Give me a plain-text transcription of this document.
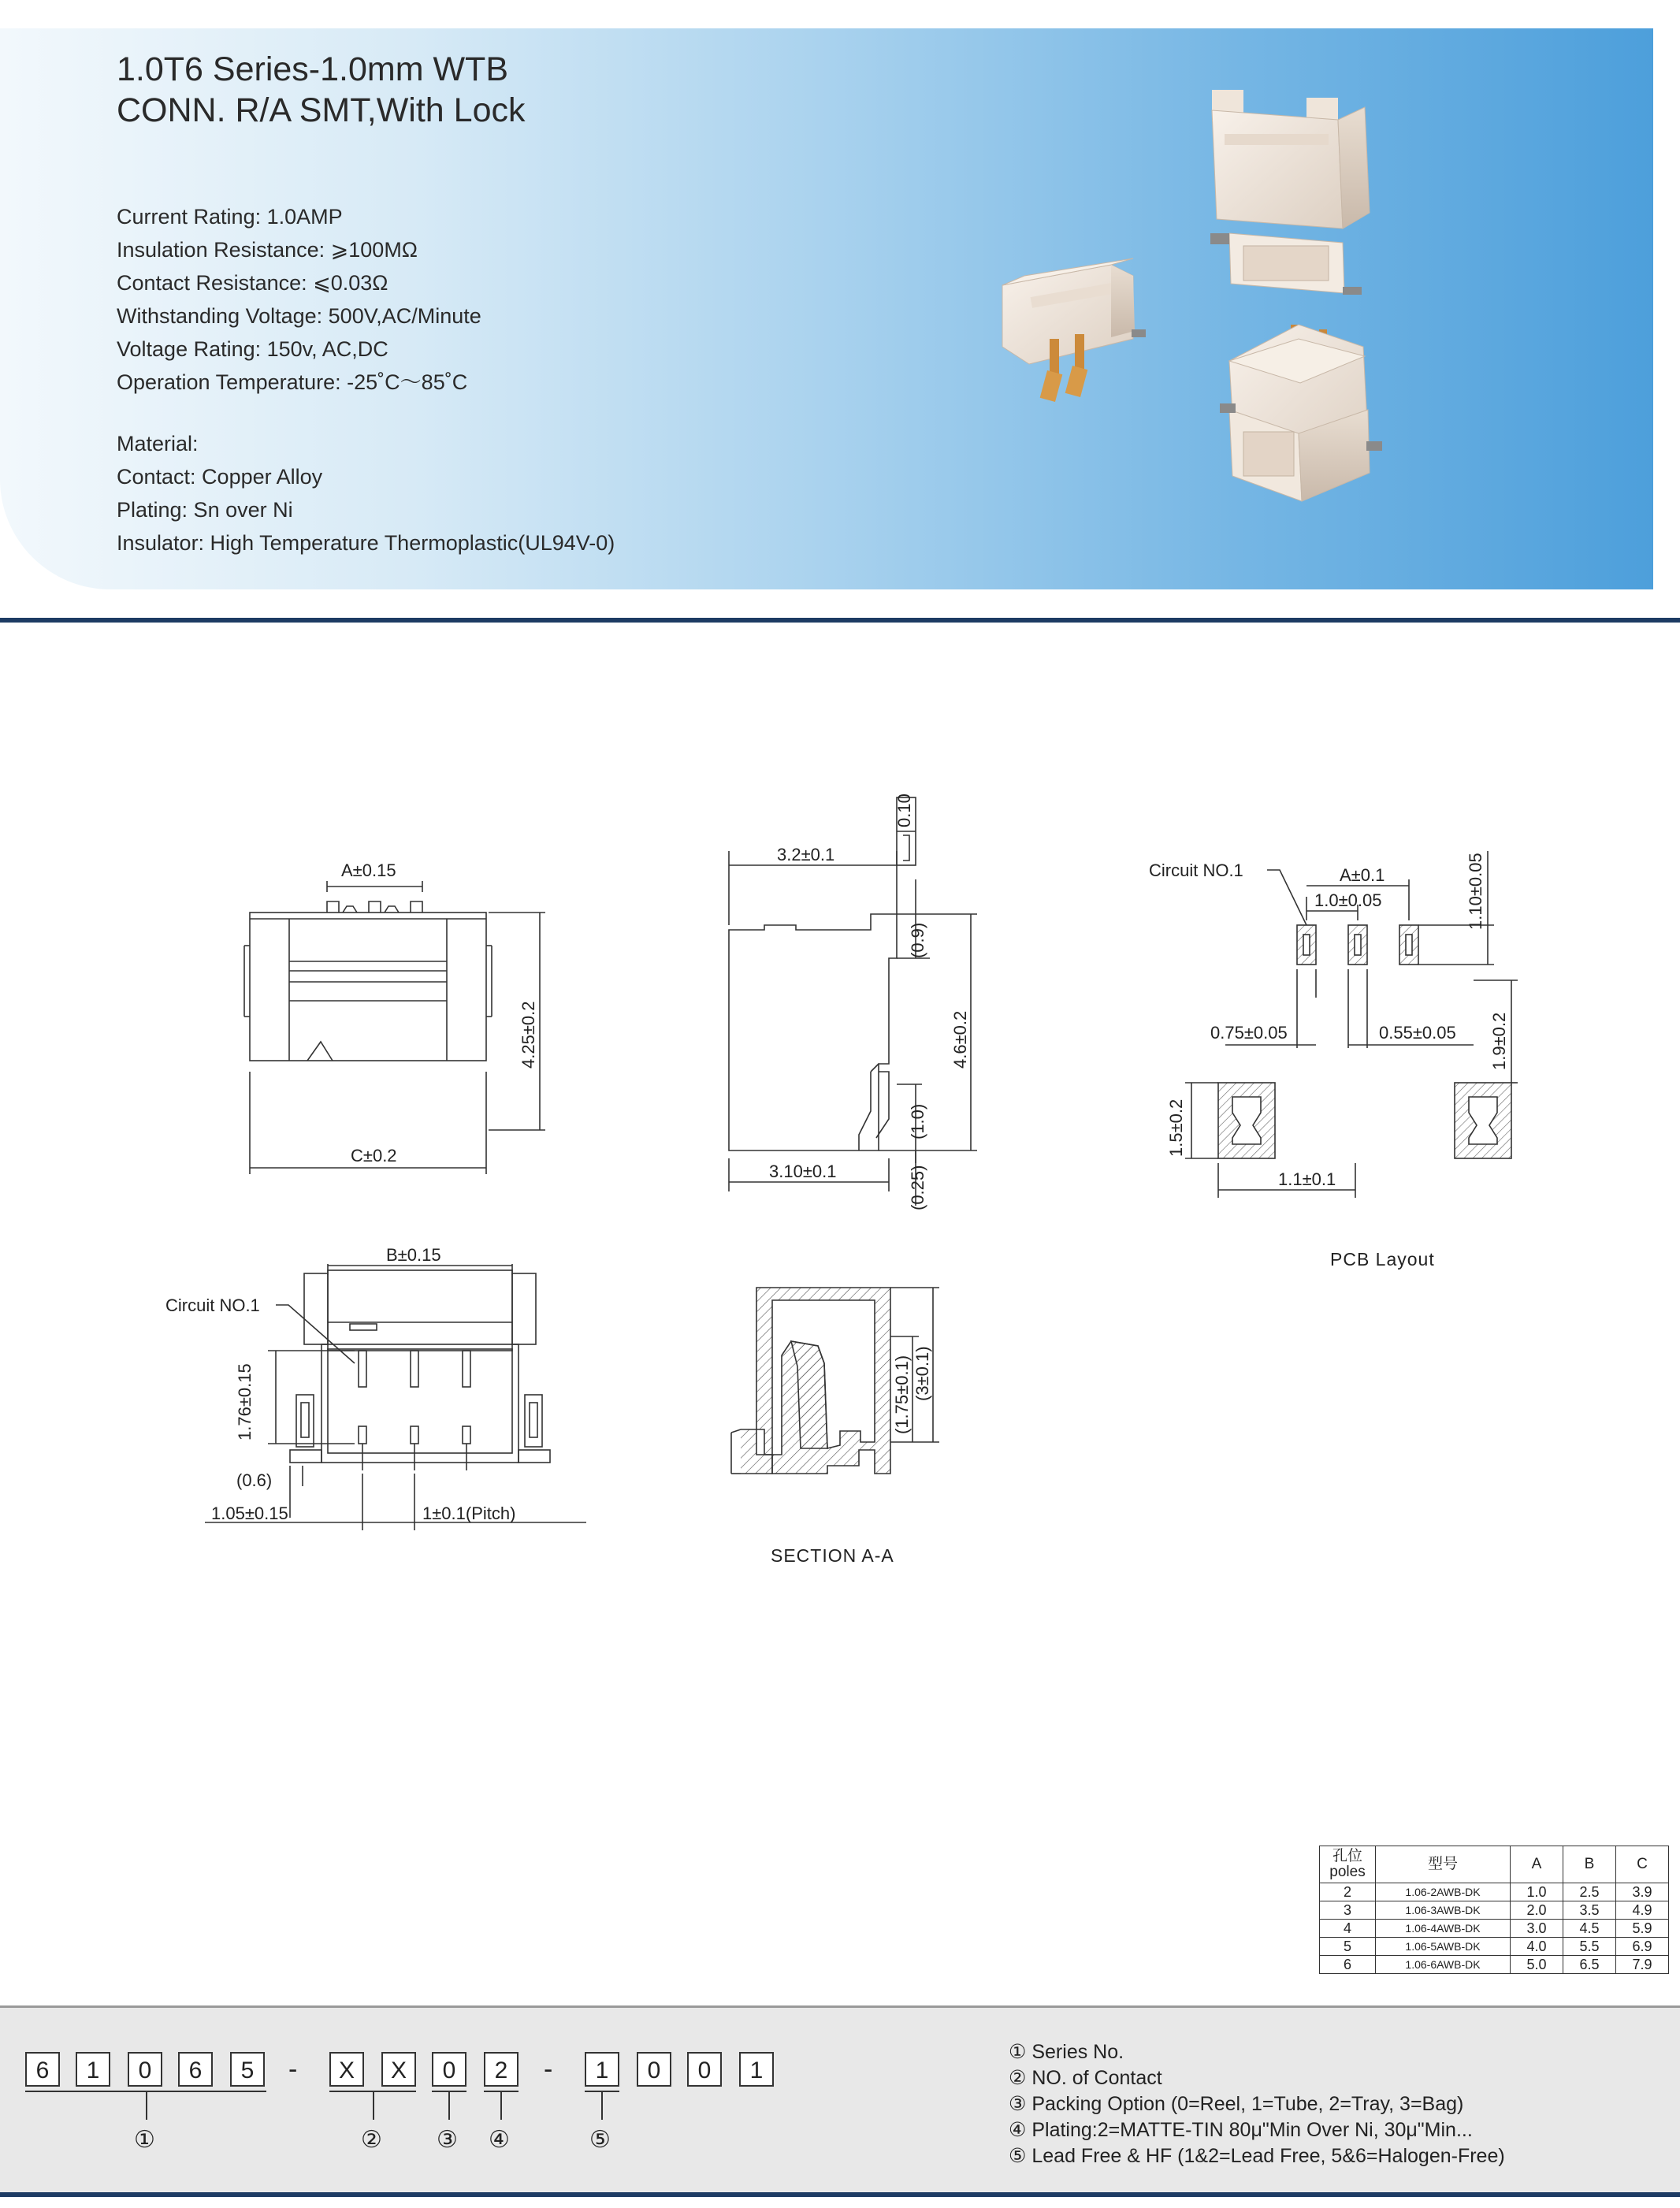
1.0T6 Series-1.0mm WTB
CONN. R/A SMT,With Lock
Current Rating: 1.0AMP
Insulation Resistance: ⩾100MΩ
Contact Resistance: ⩽0.03Ω
Withstanding Voltage: 500V,AC/Minute
Voltage Rating: 150v, AC,DC
Operation Temperature: -25˚C～85˚C
Material:
Contact: Copper Alloy
Plating: Sn over Ni
Insulator: High Temperature Thermoplastic(UL94V-0)
A±0.15
4.25±0.2
C±0.2
0.10
3.2±0.1
(0.9)
4.6±0.2
(1.0)
3.10±0.1	(0.25)
Circuit NO.1	A±0.1
1.0±0.05	1.10±0.05
0.75±0.05	0.55±0.05 1.9±0.2
1.5±0.2
1.1±0.1
PCB Layout
B±0.15
Circuit NO.1
1.76±0.15
(0.6)
1.05±0.15	1±0.1(Pitch)
(1.75±0.1) (3±0.1)
SECTION A-A
孔位
poles	型号	A	B	C
2	1.06-2AWB-DK	1.0	2.5	3.9
3	1.06-3AWB-DK	2.0	3.5	4.9
4	1.06-4AWB-DK	3.0	4.5	5.9
5	1.06-5AWB-DK	4.0	5.5	6.9
6	1.06-6AWB-DK	5.0	6.5	7.9
6	1	0	6	5	-	X	X	0	2	-	1	0	0	1
①	② ③ ④	⑤
① Series No.
② NO. of Contact
③ Packing Option (0=Reel, 1=Tube, 2=Tray, 3=Bag)
④ Plating:2=MATTE-TIN 80μ"Min Over Ni, 30μ"Min...
⑤ Lead Free & HF (1&2=Lead Free, 5&6=Halogen-Free)
